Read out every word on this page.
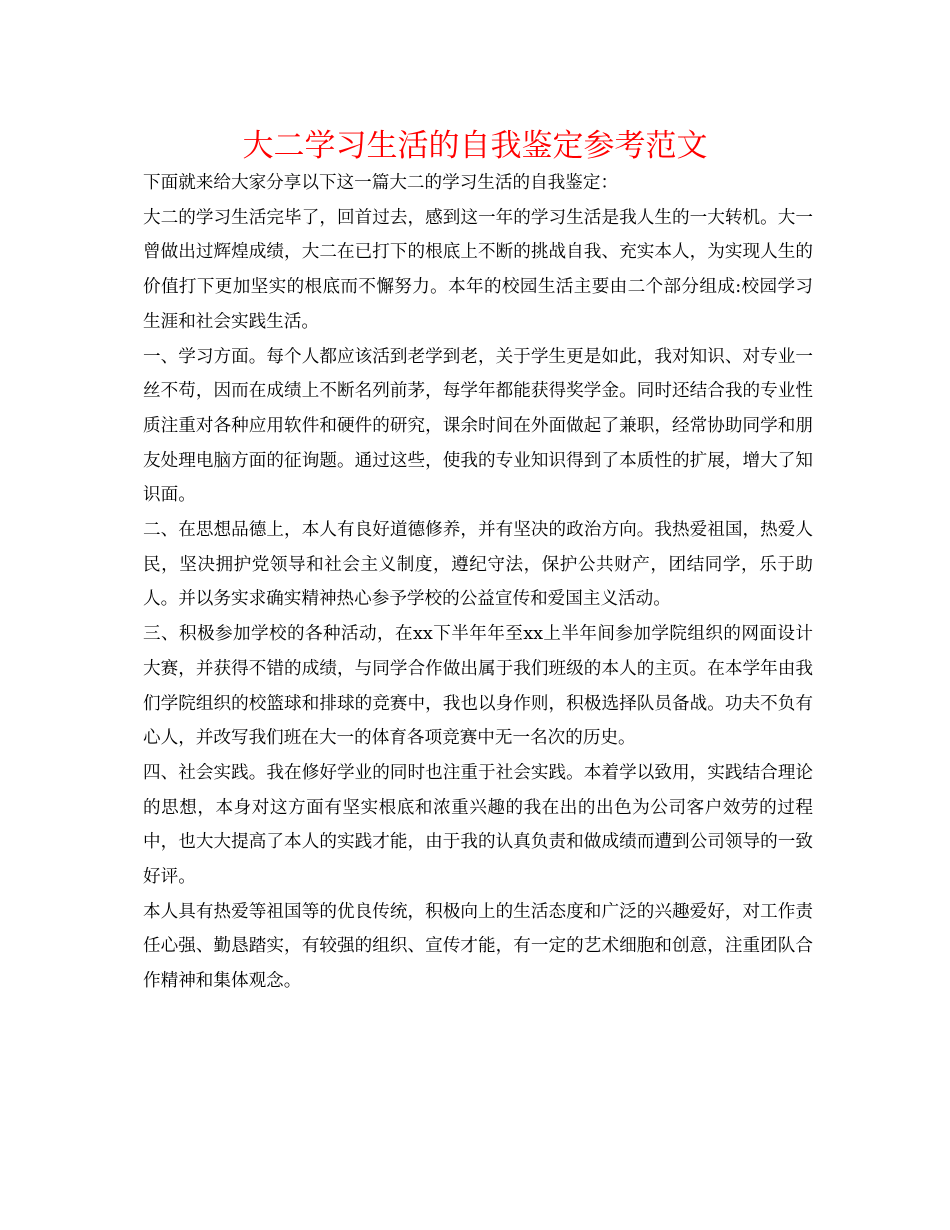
大二学习生活的自我鉴定参考范文

下面就来给大家分享以下这一篇大二的学习生活的自我鉴定：

大二的学习生活完毕了，回首过去，感到这一年的学习生活是我人生的一大转机。大一曾做出过辉煌成绩，大二在已打下的根底上不断的挑战自我、充实本人，为实现人生的价值打下更加坚实的根底而不懈努力。本年的校园生活主要由二个部分组成:校园学习生涯和社会实践生活。

一、学习方面。每个人都应该活到老学到老，关于学生更是如此，我对知识、对专业一丝不苟，因而在成绩上不断名列前茅，每学年都能获得奖学金。同时还结合我的专业性质注重对各种应用软件和硬件的研究，课余时间在外面做起了兼职，经常协助同学和朋友处理电脑方面的征询题。通过这些，使我的专业知识得到了本质性的扩展，增大了知识面。

二、在思想品德上，本人有良好道德修养，并有坚决的政治方向。我热爱祖国，热爱人民，坚决拥护党领导和社会主义制度，遵纪守法，保护公共财产，团结同学，乐于助人。并以务实求确实精神热心参予学校的公益宣传和爱国主义活动。

三、积极参加学校的各种活动，在xx下半年年至xx上半年间参加学院组织的网面设计大赛，并获得不错的成绩，与同学合作做出属于我们班级的本人的主页。在本学年由我们学院组织的校篮球和排球的竞赛中，我也以身作则，积极选择队员备战。功夫不负有心人，并改写我们班在大一的体育各项竞赛中无一名次的历史。

四、社会实践。我在修好学业的同时也注重于社会实践。本着学以致用，实践结合理论的思想，本身对这方面有坚实根底和浓重兴趣的我在出的出色为公司客户效劳的过程中，也大大提高了本人的实践才能，由于我的认真负责和做成绩而遭到公司领导的一致好评。

本人具有热爱等祖国等的优良传统，积极向上的生活态度和广泛的兴趣爱好，对工作责任心强、勤恳踏实，有较强的组织、宣传才能，有一定的艺术细胞和创意，注重团队合作精神和集体观念。
